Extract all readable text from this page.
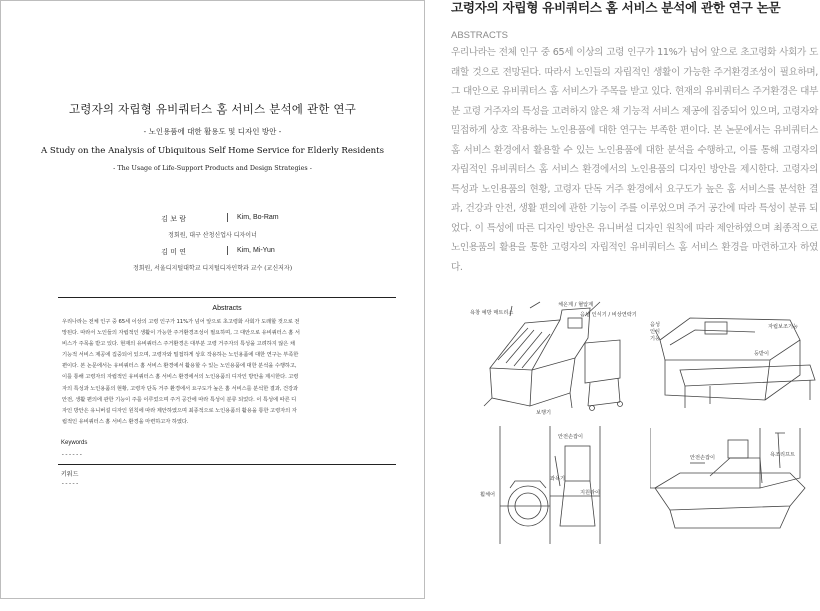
고령자의 자립형 유비쿼터스 홈 서비스 분석에 관한 연구
- 노인용품에 대한 활용도 및 디자인 방안 -
A Study on the Analysis of Ubiquitous Self Home Service for Elderly Residents
- The Usage of Life-Support Products and Design Strategies -
김 보 람	Kim, Bo-Ram
정회원, 대구 산청신업사 디자이너
김 미 연	Kim, Mi-Yun
정회원, 서울디지털대학교 디지털디자인학과 교수 (교신저자)
Abstracts
우리나라는 전체 인구 중 65세 이상의 고령 인구가 11%가 넘어 앞으로 초고령화 사회가 도래할 것으로 전
망된다. 따라서 노인들의 자립적인 생활이 가능한 주거환경조성이 필요하며, 그 대안으로 유비쿼터스 홈 서
비스가 주목을 받고 있다. 현재의 유비쿼터스 주거환경은 대부분 고령 거주자의 특성을 고려하지 않은 채
기능적 서비스 제공에 집중되어 있으며, 고령자와 밀접하게 상호 작용하는 노인용품에 대한 연구는 부족한
편이다. 본 논문에서는 유비쿼터스 홈 서비스 환경에서 활용할 수 있는 노인용품에 대한 분석을 수행하고,
이를 통해 고령자의 자립적인 유비쿼터스 홈 서비스 환경에서의 노인용품의 디자인 방안을 제시한다. 고령
자의 특성과 노인용품의 현황, 고령자 단독 거주 환경에서 요구도가 높은 홈 서비스를 분석한 결과, 건강과
안전, 생활 편의에 관한 기능이 주를 이루었으며 주거 공간에 따라 특성이 분류 되었다. 이 특성에 따른 디
자인 방안은 유니버설 디자인 원칙에 따라 제안하였으며 최종적으로 노인용품의 활용을 통한 고령자의 자
립적인 유비쿼터스 홈 서비스 환경을 마련하고자 하였다.
Keywords
------
키워드
-----
고령자의 자립형 유비쿼터스 홈 서비스 분석에 관한 연구 논문
ABSTRACTS
우리나라는 전체 인구 중 65세 이상의 고령 인구가 11%가 넘어 앞으로 초고령화 사회가 도래할 것으로 전망된다. 따라서 노인들의 자립적인 생활이 가능한 주거환경조성이 필요하며, 그 대안으로 유비쿼터스 홈 서비스가 주목을 받고 있다. 현재의 유비쿼터스 주거환경은 대부분 고령 거주자의 특성을 고려하지 않은 채 기능적 서비스 제공에 집중되어 있으며, 고령자와 밀접하게 상호 작용하는 노인용품에 대한 연구는 부족한 편이다. 본 논문에서는 유비쿼터스 홈 서비스 환경에서 활용할 수 있는 노인용품에 대한 분석을 수행하고, 이를 통해 고령자의 자립적인 유비쿼터스 홈 서비스 환경에서의 노인용품의 디자인 방안을 제시한다. 고령자의 특성과 노인용품의 현황, 고령자 단독 거주 환경에서 요구도가 높은 홈 서비스를 분석한 결과, 건강과 안전, 생활 편의에 관한 기능이 주를 이루었으며 주거 공간에 따라 특성이 분류 되었다. 이 특성에 따른 디자인 방안은 유니버설 디자인 원칙에 따라 제안하였으며 최종적으로 노인용품의 활용을 통한 고령자의 자립적인 유비쿼터스 홈 서비스 환경을 마련하고자 하였다.
욕창 예방 매트리스
체온계 / 혈압계
음성 인식기 / 비상연락기
보행기
음성
인식
기능
자립보조기능
등받이
안전손잡이
휠체어
좌욕기
지원라이
안전손잡이	욕조리프트
